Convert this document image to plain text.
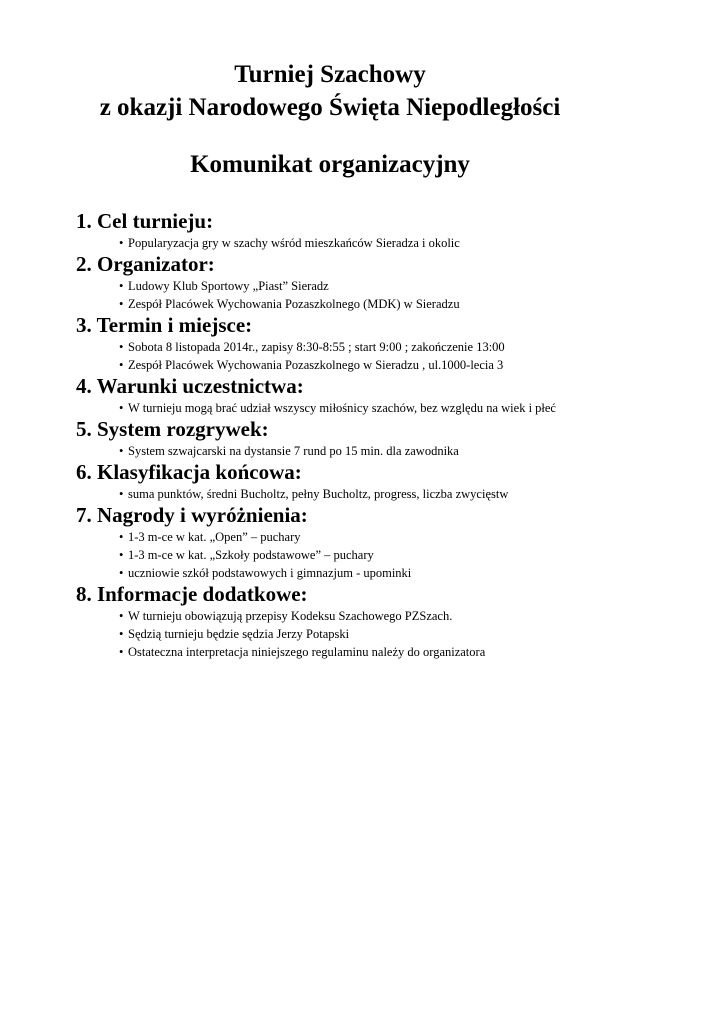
Turniej Szachowy
z okazji Narodowego Święta Niepodległości
Komunikat organizacyjny
1. Cel turnieju:
• Popularyzacja gry w szachy wśród mieszkańców Sieradza i okolic
2. Organizator:
• Ludowy Klub Sportowy „Piast” Sieradz
• Zespół Placówek Wychowania Pozaszkolnego (MDK) w Sieradzu
3. Termin i miejsce:
• Sobota 8 listopada 2014r., zapisy 8:30-8:55 ; start 9:00 ; zakończenie 13:00
• Zespół Placówek Wychowania Pozaszkolnego w Sieradzu , ul.1000-lecia 3
4. Warunki uczestnictwa:
• W turnieju mogą brać udział wszyscy miłośnicy szachów, bez względu na wiek i płeć
5. System rozgrywek:
• System szwajcarski na dystansie 7 rund po 15 min. dla zawodnika
6. Klasyfikacja końcowa:
• suma punktów, średni Bucholtz, pełny Bucholtz, progress, liczba zwycięstw
7. Nagrody i wyróżnienia:
• 1-3 m-ce w kat. „Open” – puchary
• 1-3 m-ce w kat. „Szkoły podstawowe” – puchary
• uczniowie szkół podstawowych i gimnazjum - upominki
8. Informacje dodatkowe:
• W turnieju obowiązują przepisy Kodeksu Szachowego PZSzach.
• Sędzią turnieju będzie sędzia Jerzy Potapski
• Ostateczna interpretacja niniejszego regulaminu należy do organizatora
